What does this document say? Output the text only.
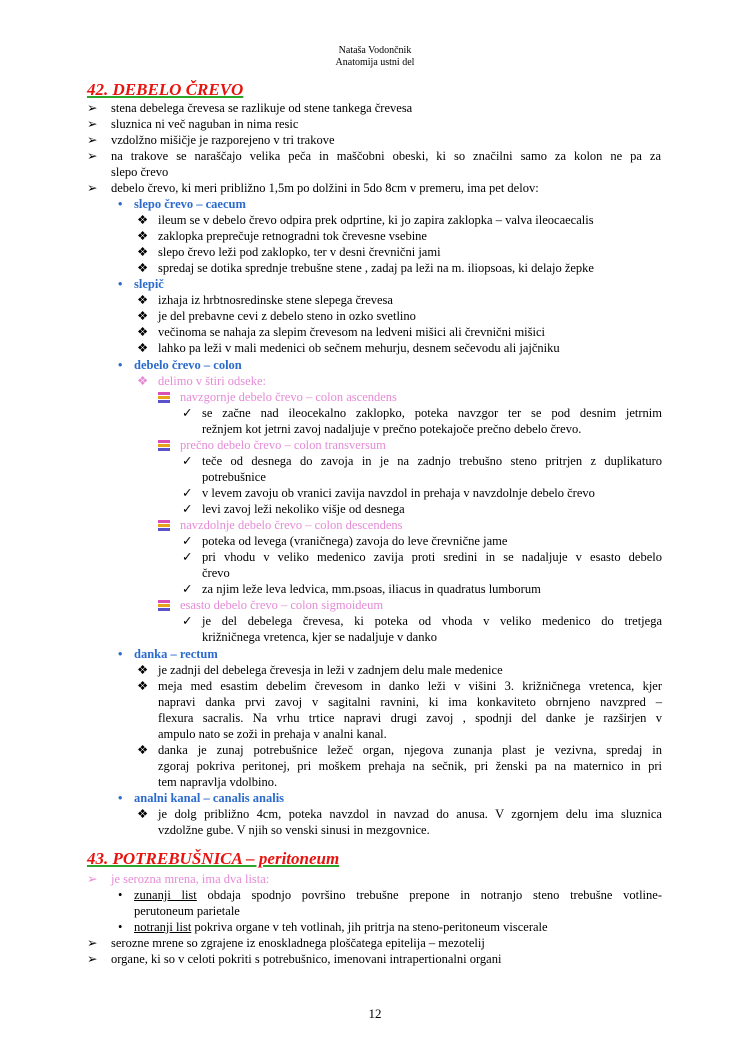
Nataša Vodončnik
Anatomija ustni del
42. DEBELO ČREVO
➢ stena debelega črevesa se razlikuje od stene tankega črevesa
➢ sluznica ni več naguban in nima resic
➢ vzdolžno mišičje je razporejeno v tri trakove
➢ na trakove se naraščajo velika peča in maščobni obeski, ki so značilni samo za kolon ne pa za
slepo črevo
➢ debelo črevo, ki meri približno 1,5m po dolžini in 5do 8cm v premeru, ima pet delov:
• slepo črevo – caecum
❖ ileum se v debelo črevo odpira prek odprtine, ki jo zapira zaklopka – valva ileocaecalis
❖ zaklopka preprečuje retnogradni tok črevesne vsebine
❖ slepo črevo leži pod zaklopko, ter v desni črevnični jami
❖ spredaj se dotika sprednje trebušne stene , zadaj pa leži na m. iliopsoas, ki delajo žepke
• slepič
❖ izhaja iz hrbtnosredinske stene slepega črevesa
❖ je del prebavne cevi z debelo steno in ozko svetlino
❖ večinoma se nahaja za slepim črevesom na ledveni mišici ali črevnični mišici
❖ lahko pa leži v mali medenici ob sečnem mehurju, desnem sečevodu ali jajčniku
• debelo črevo – colon
❖ delimo v štiri odseke:
navzgornje debelo črevo – colon ascendens
✓ se začne nad ileocekalno zaklopko, poteka navzgor ter se pod desnim jetrnim
režnjem kot jetrni zavoj nadaljuje v prečno potekajoče prečno debelo črevo.
prečno debelo črevo – colon transversum
✓ teče od desnega do zavoja in je na zadnjo trebušno steno pritrjen z duplikaturo
potrebušnice
✓ v levem zavoju ob vranici zavija navzdol in prehaja v navzdolnje debelo črevo
✓ levi zavoj leži nekoliko višje od desnega
navzdolnje debelo črevo – colon descendens
✓ poteka od levega (vraničnega) zavoja do leve črevnične jame
✓ pri vhodu v veliko medenico zavija proti sredini in se nadaljuje v esasto debelo
črevo
✓ za njim leže leva ledvica, mm.psoas, iliacus in quadratus lumborum
esasto debelo črevo – colon sigmoideum
✓ je del debelega črevesa, ki poteka od vhoda v veliko medenico do tretjega
križničnega vretenca, kjer se nadaljuje v danko
• danka – rectum
❖ je zadnji del debelega črevesja in leži v zadnjem delu male medenice
❖ meja med esastim debelim črevesom in danko leži v višini 3. križničnega vretenca, kjer
napravi danka prvi zavoj v sagitalni ravnini, ki ima konkaviteto obrnjeno navzpred –
flexura sacralis. Na vrhu trtice napravi drugi zavoj , spodnji del danke je razširjen v
ampulo nato se zoži in prehaja v analni kanal.
❖ danka je zunaj potrebušnice ležeč organ, njegova zunanja plast je vezivna, spredaj in
zgoraj pokriva peritonej, pri moškem prehaja na sečnik, pri ženski pa na maternico in pri
tem napravlja vdolbino.
• analni kanal – canalis analis
❖ je dolg približno 4cm, poteka navzdol in navzad do anusa. V zgornjem delu ima sluznica
vzdolžne gube. V njih so venski sinusi in mezgovnice.
43. POTREBUŠNICA – peritoneum
➢ je serozna mrena, ima dva lista:
• zunanji list obdaja spodnjo površino trebušne prepone in notranjo steno trebušne votline-
perutoneum parietale
• notranji list pokriva organe v teh votlinah, jih pritrja na steno-peritoneum viscerale
➢ serozne mrene so zgrajene iz enoskladnega ploščatega epitelija – mezotelij
➢ organe, ki so v celoti pokriti s potrebušnico, imenovani intrapertionalni organi
12
